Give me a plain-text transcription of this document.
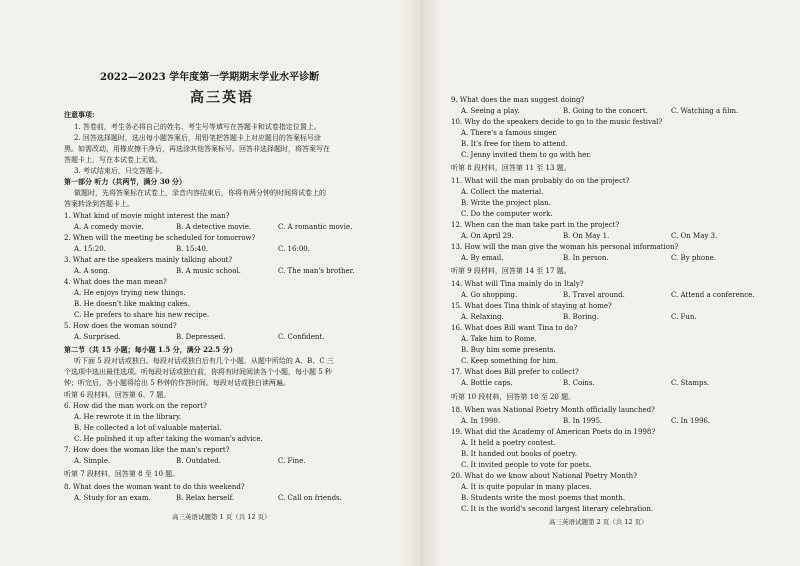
2022—2023 学年度第一学期期末学业水平诊断
高三英语
注意事项:
1. 答卷前，考生务必将自己的姓名、考生号等填写在答题卡和试卷指定位置上。
2. 回答选择题时，选出每小题答案后，用铅笔把答题卡上对应题目的答案标号涂
黑。如需改动，用橡皮擦干净后，再选涂其他答案标号。回答非选择题时，将答案写在
答题卡上，写在本试卷上无效。
3. 考试结束后，只交答题卡。
第一部分 听力（共两节，满分 30 分）
做题时，先将答案标在试卷上，录音内容结束后，你将有两分钟的时间将试卷上的
答案转涂到答题卡上。
1. What kind of movie might interest the man?
A. A comedy movie.	B. A detective movie.	C. A romantic movie.
2. When will the meeting be scheduled for tomorrow?
A. 15:20.	B. 15:40.	C. 16:00.
3. What are the speakers mainly talking about?
A. A song.	B. A music school.	C. The man's brother.
4. What does the man mean?
A. He enjoys trying new things.
B. He doesn't like making cakes.
C. He prefers to share his new recipe.
5. How does the woman sound?
A. Surprised.	B. Depressed.	C. Confident.
第二节（共 15 小题；每小题 1.5 分，满分 22.5 分）
听下面 5 段对话或独白。每段对话或独白后有几个小题，从题中所给的 A、B、C 三
个选项中选出最佳选项。听每段对话或独白前，你将有时间阅读各个小题，每小题 5 秒
钟；听完后，各小题将给出 5 秒钟的作答时间。每段对话或独白读两遍。
听第 6 段材料，回答第 6、7 题。
6. How did the man work on the report?
A. He rewrote it in the library.
B. He collected a lot of valuable material.
C. He polished it up after taking the woman's advice.
7. How does the woman like the man's report?
A. Simple.	B. Outdated.	C. Fine.
听第 7 段材料，回答第 8 至 10 题。
8. What does the woman want to do this weekend?
A. Study for an exam.	B. Relax herself.	C. Call on friends.
高三英语试题第 1 页（共 12 页）
9. What does the man suggest doing?
A. Seeing a play.	B. Going to the concert.	C. Watching a film.
10. Why do the speakers decide to go to the music festival?
A. There's a famous singer.
B. It's free for them to attend.
C. Jenny invited them to go with her.
听第 8 段材料，回答第 11 至 13 题。
11. What will the man probably do on the project?
A. Collect the material.
B. Write the project plan.
C. Do the computer work.
12. When can the man take part in the project?
A. On April 29.	B. On May 1.	C. On May 3.
13. How will the man give the woman his personal information?
A. By email.	B. In person.	C. By phone.
听第 9 段材料，回答第 14 至 17 题。
14. What will Tina mainly do in Italy?
A. Go shopping.	B. Travel around.	C. Attend a conference.
15. What does Tina think of staying at home?
A. Relaxing.	B. Boring.	C. Fun.
16. What does Bill want Tina to do?
A. Take him to Rome.
B. Buy him some presents.
C. Keep something for him.
17. What does Bill prefer to collect?
A. Bottle caps.	B. Coins.	C. Stamps.
听第 10 段材料，回答第 18 至 20 题。
18. When was National Poetry Month officially launched?
A. In 1990.	B. In 1995.	C. In 1996.
19. What did the Academy of American Poets do in 1998?
A. It held a poetry contest.
B. It handed out books of poetry.
C. It invited people to vote for poets.
20. What do we know about National Poetry Month?
A. It is quite popular in many places.
B. Students write the most poems that month.
C. It is the world's second largest literary celebration.
高三英语试题第 2 页（共 12 页）
